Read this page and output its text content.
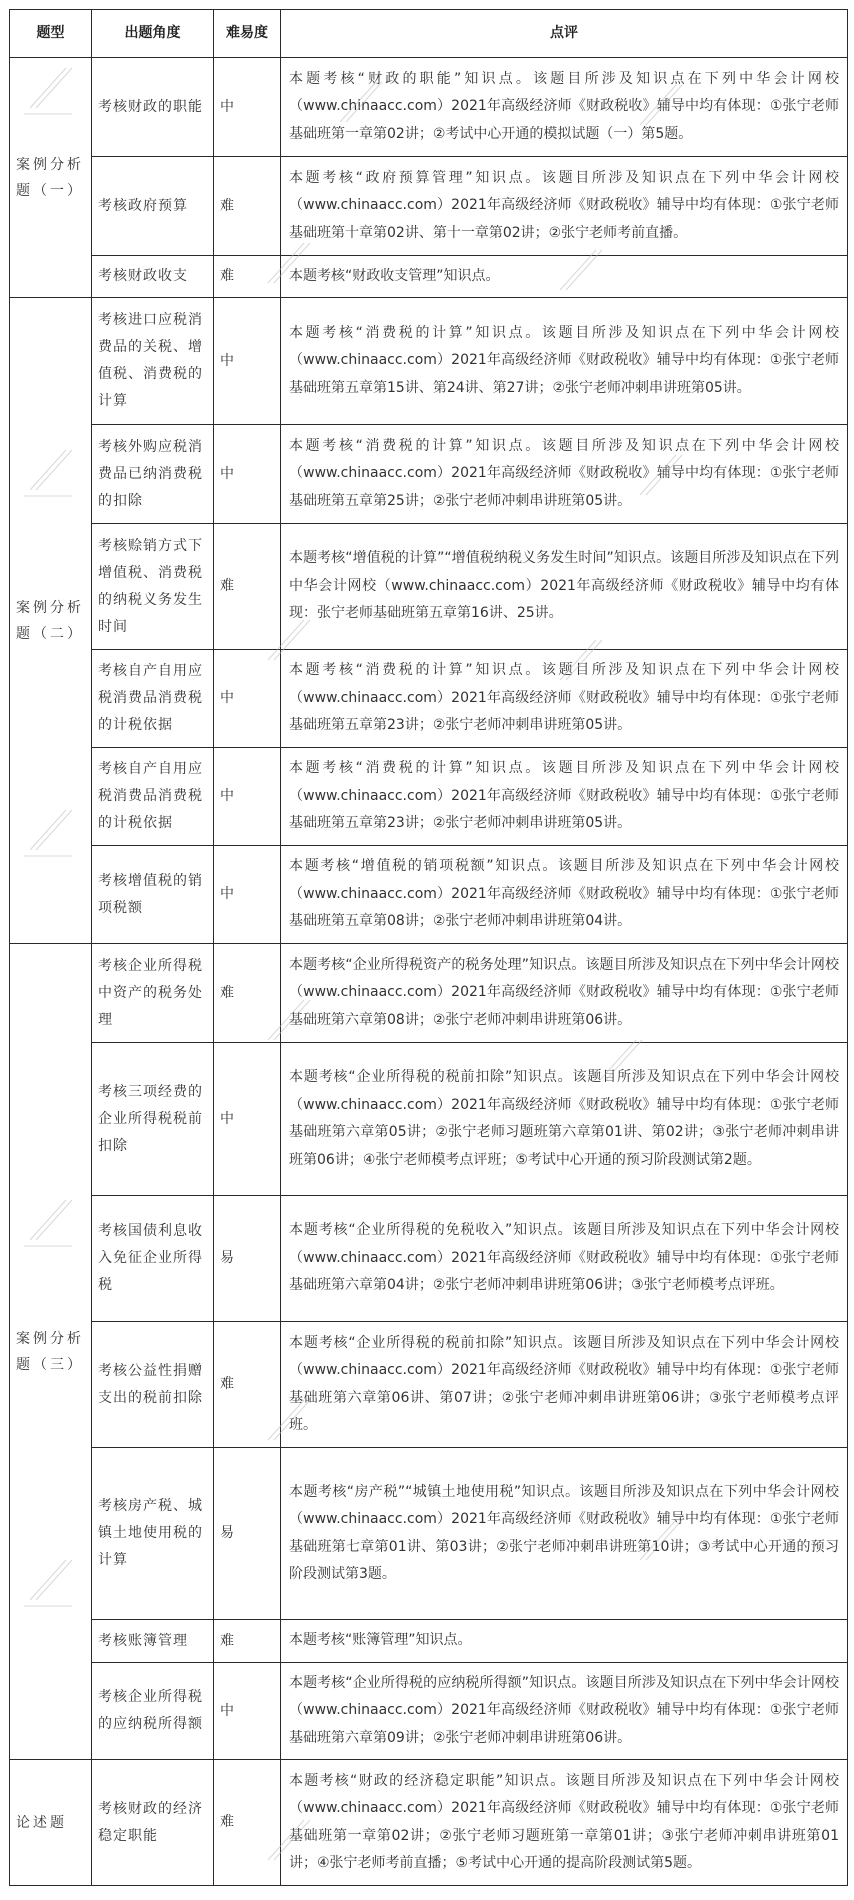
题型	出题角度	难易度	点评
案例分析题（一）	考核财政的职能	中	本题考核“财政的职能”知识点。该题目所涉及知识点在下列中华会计网校（www.chinaacc.com）2021年高级经济师《财政税收》辅导中均有体现：①张宁老师基础班第一章第02讲；②考试中心开通的模拟试题（一）第5题。
	考核政府预算	难	本题考核“政府预算管理”知识点。该题目所涉及知识点在下列中华会计网校（www.chinaacc.com）2021年高级经济师《财政税收》辅导中均有体现：①张宁老师基础班第十章第02讲、第十一章第02讲；②张宁老师考前直播。
	考核财政收支	难	本题考核“财政收支管理”知识点。
案例分析题（二）	考核进口应税消费品的关税、增值税、消费税的计算	中	本题考核“消费税的计算”知识点。该题目所涉及知识点在下列中华会计网校（www.chinaacc.com）2021年高级经济师《财政税收》辅导中均有体现：①张宁老师基础班第五章第15讲、第24讲、第27讲；②张宁老师冲刺串讲班第05讲。
	考核外购应税消费品已纳消费税的扣除	中	本题考核“消费税的计算”知识点。该题目所涉及知识点在下列中华会计网校（www.chinaacc.com）2021年高级经济师《财政税收》辅导中均有体现：①张宁老师基础班第五章第25讲；②张宁老师冲刺串讲班第05讲。
	考核赊销方式下增值税、消费税的纳税义务发生时间	难	本题考核“增值税的计算”“增值税纳税义务发生时间”知识点。该题目所涉及知识点在下列中华会计网校（www.chinaacc.com）2021年高级经济师《财政税收》辅导中均有体现：张宁老师基础班第五章第16讲、25讲。
	考核自产自用应税消费品消费税的计税依据	中	本题考核“消费税的计算”知识点。该题目所涉及知识点在下列中华会计网校（www.chinaacc.com）2021年高级经济师《财政税收》辅导中均有体现：①张宁老师基础班第五章第23讲；②张宁老师冲刺串讲班第05讲。
	考核自产自用应税消费品消费税的计税依据	中	本题考核“消费税的计算”知识点。该题目所涉及知识点在下列中华会计网校（www.chinaacc.com）2021年高级经济师《财政税收》辅导中均有体现：①张宁老师基础班第五章第23讲；②张宁老师冲刺串讲班第05讲。
	考核增值税的销项税额	中	本题考核“增值税的销项税额”知识点。该题目所涉及知识点在下列中华会计网校（www.chinaacc.com）2021年高级经济师《财政税收》辅导中均有体现：①张宁老师基础班第五章第08讲；②张宁老师冲刺串讲班第04讲。
案例分析题（三）	考核企业所得税中资产的税务处理	难	本题考核“企业所得税资产的税务处理”知识点。该题目所涉及知识点在下列中华会计网校（www.chinaacc.com）2021年高级经济师《财政税收》辅导中均有体现：①张宁老师基础班第六章第08讲；②张宁老师冲刺串讲班第06讲。
	考核三项经费的企业所得税税前扣除	中	本题考核“企业所得税的税前扣除”知识点。该题目所涉及知识点在下列中华会计网校（www.chinaacc.com）2021年高级经济师《财政税收》辅导中均有体现：①张宁老师基础班第六章第05讲；②张宁老师习题班第六章第01讲、第02讲；③张宁老师冲刺串讲班第06讲；④张宁老师模考点评班；⑤考试中心开通的预习阶段测试第2题。
	考核国债利息收入免征企业所得税	易	本题考核“企业所得税的免税收入”知识点。该题目所涉及知识点在下列中华会计网校（www.chinaacc.com）2021年高级经济师《财政税收》辅导中均有体现：①张宁老师基础班第六章第04讲；②张宁老师冲刺串讲班第06讲；③张宁老师模考点评班。
	考核公益性捐赠支出的税前扣除	难	本题考核“企业所得税的税前扣除”知识点。该题目所涉及知识点在下列中华会计网校（www.chinaacc.com）2021年高级经济师《财政税收》辅导中均有体现：①张宁老师基础班第六章第06讲、第07讲；②张宁老师冲刺串讲班第06讲；③张宁老师模考点评班。
	考核房产税、城镇土地使用税的计算	易	本题考核“房产税”“城镇土地使用税”知识点。该题目所涉及知识点在下列中华会计网校（www.chinaacc.com）2021年高级经济师《财政税收》辅导中均有体现：①张宁老师基础班第七章第01讲、第03讲；②张宁老师冲刺串讲班第10讲；③考试中心开通的预习阶段测试第3题。
	考核账簿管理	难	本题考核“账簿管理”知识点。
	考核企业所得税的应纳税所得额	中	本题考核“企业所得税的应纳税所得额”知识点。该题目所涉及知识点在下列中华会计网校（www.chinaacc.com）2021年高级经济师《财政税收》辅导中均有体现：①张宁老师基础班第六章第09讲；②张宁老师冲刺串讲班第06讲。
论述题	考核财政的经济稳定职能	难	本题考核“财政的经济稳定职能”知识点。该题目所涉及知识点在下列中华会计网校（www.chinaacc.com）2021年高级经济师《财政税收》辅导中均有体现：①张宁老师基础班第一章第02讲；②张宁老师习题班第一章第01讲；③张宁老师冲刺串讲班第01讲；④张宁老师考前直播；⑤考试中心开通的提高阶段测试第5题。
